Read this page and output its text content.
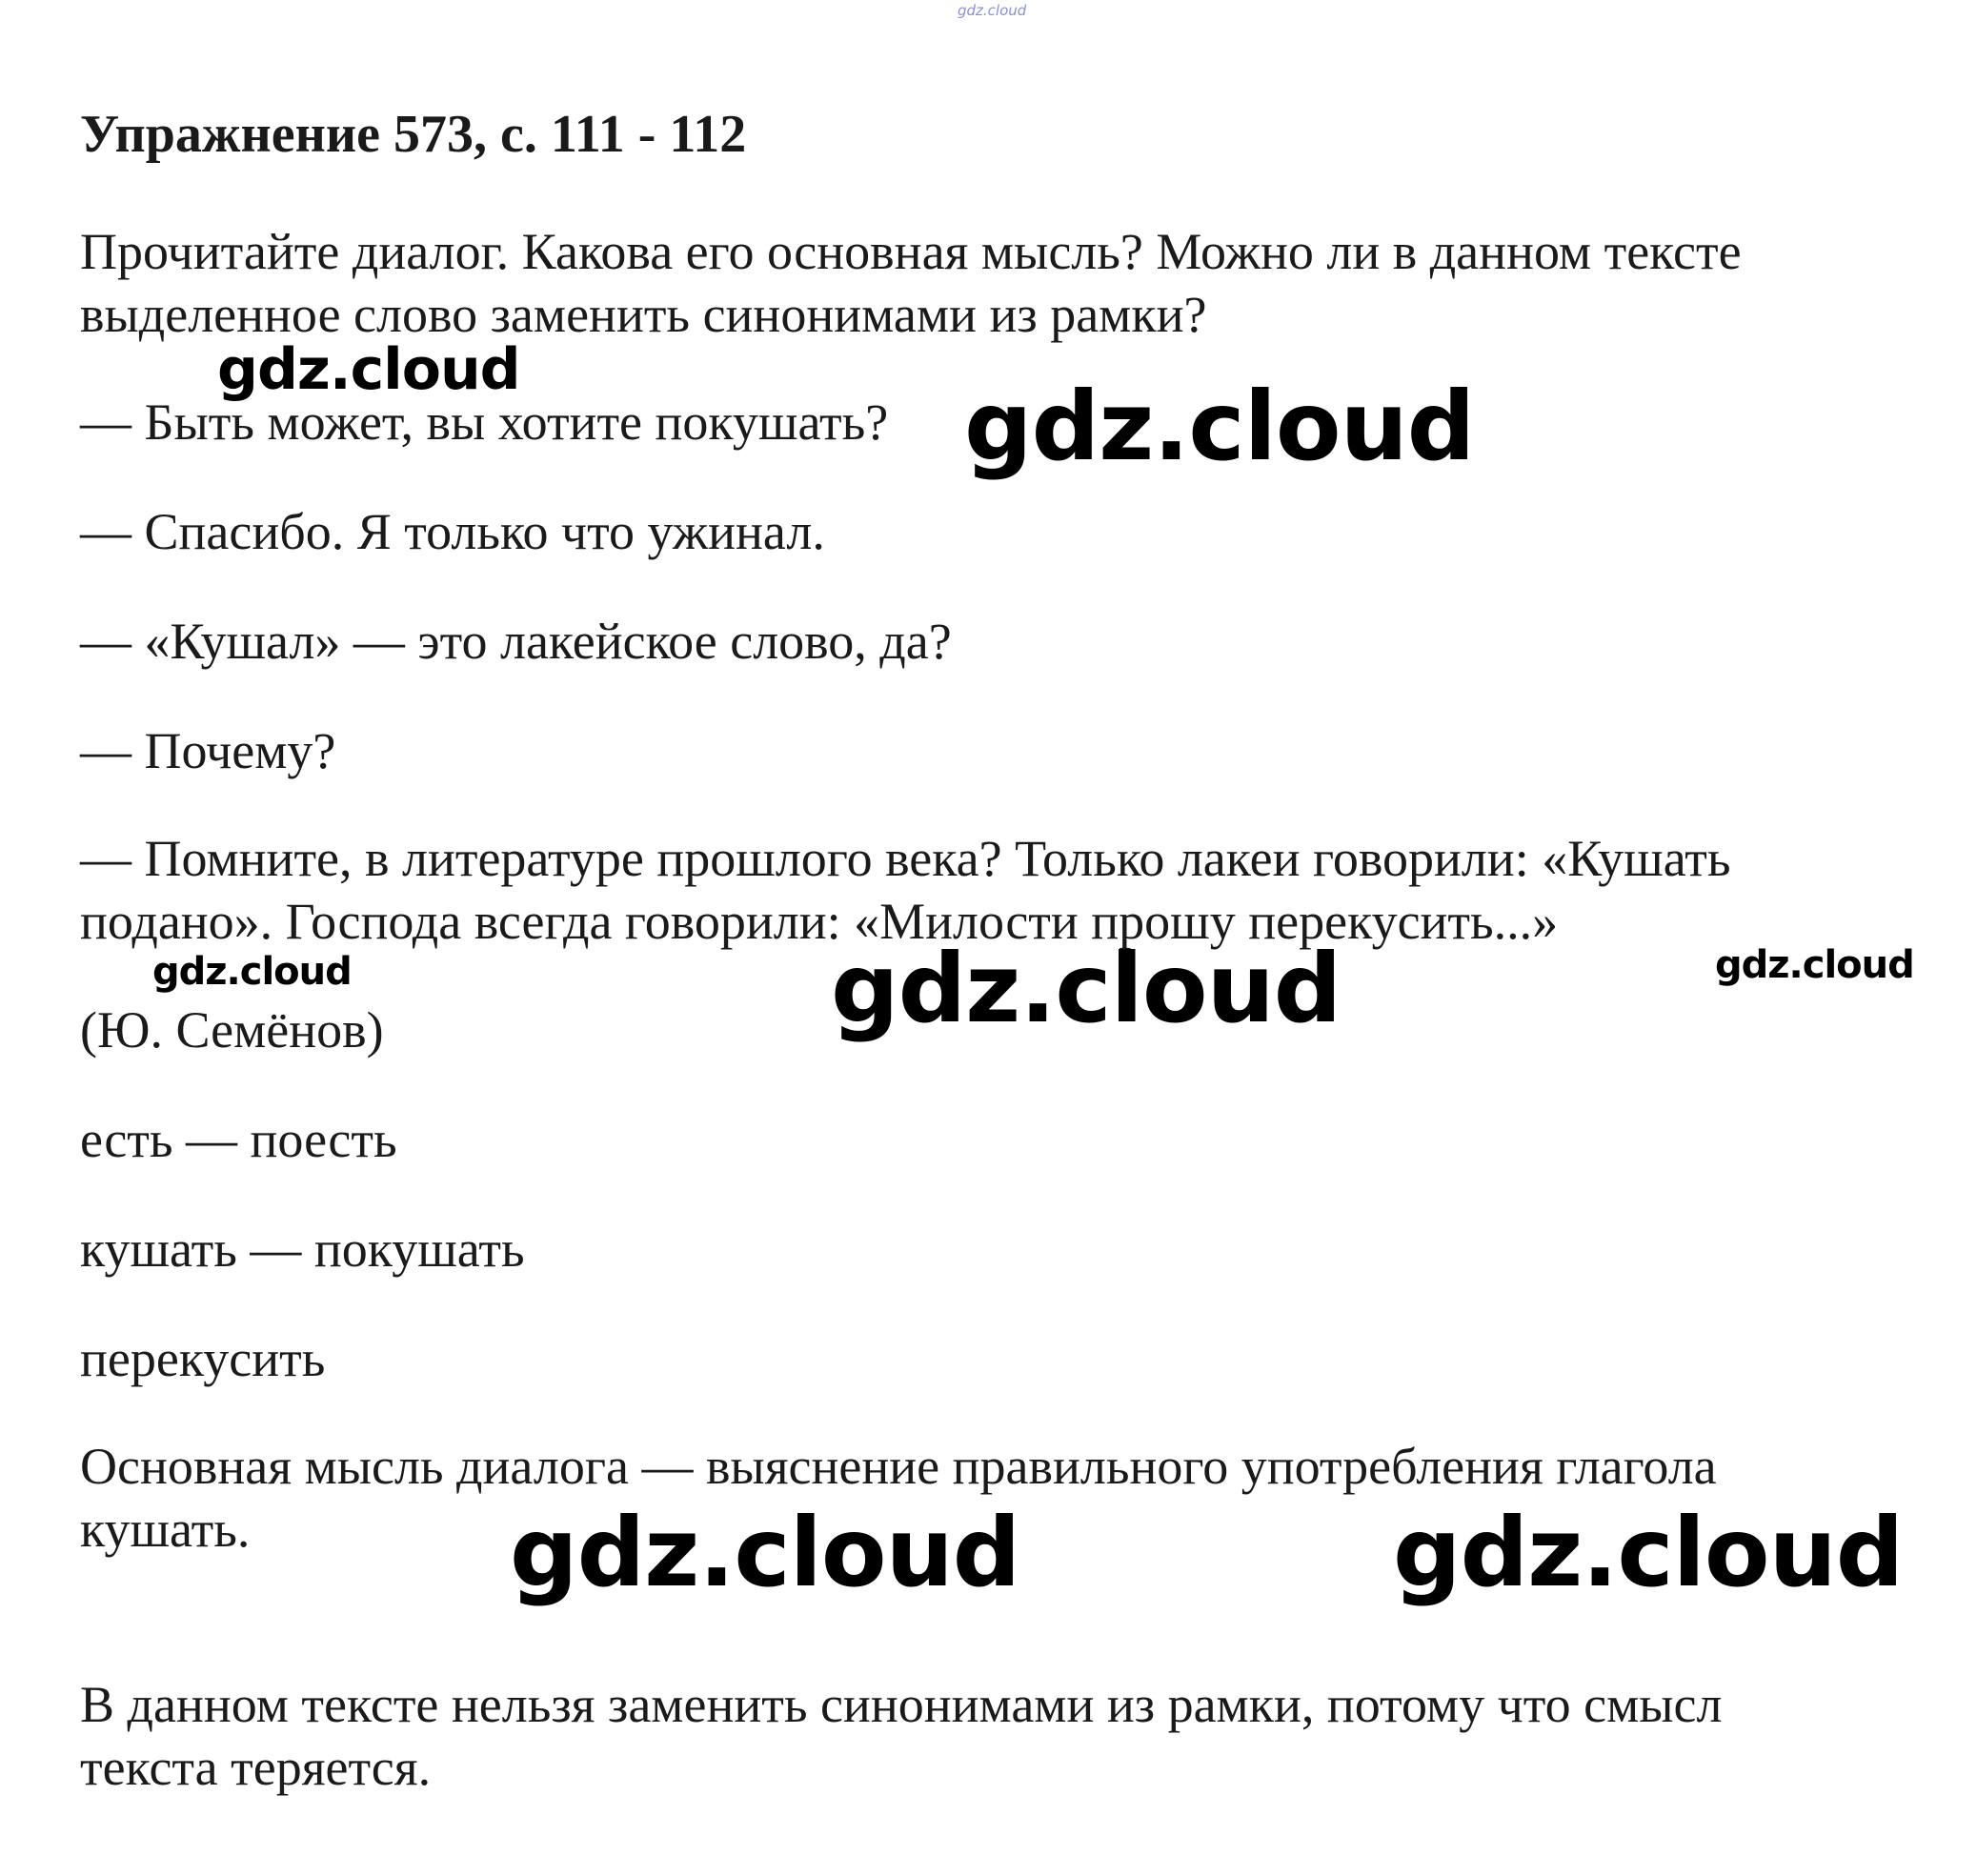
gdz.cloud
Упражнение 573, с. 111 - 112

Прочитайте диалог. Какова его основная мысль? Можно ли в данном тексте

выделенное слово заменить синонимами из рамки?

— Быть может, вы хотите покушать?

— Спасибо. Я только что ужинал.

— «Кушал» — это лакейское слово, да?

— Почему?

— Помните, в литературе прошлого века? Только лакеи говорили: «Кушать

подано». Господа всегда говорили: «Милости прошу перекусить...»

(Ю. Семёнов)

есть — поесть

кушать — покушать

перекусить

Основная мысль диалога — выяснение правильного употребления глагола

кушать.

В данном тексте нельзя заменить синонимами из рамки, потому что смысл

текста теряется.

gdz.cloud
gdz.cloud
gdz.cloud	gdz.cloud	gdz.cloud
gdz.cloud	gdz.cloud
